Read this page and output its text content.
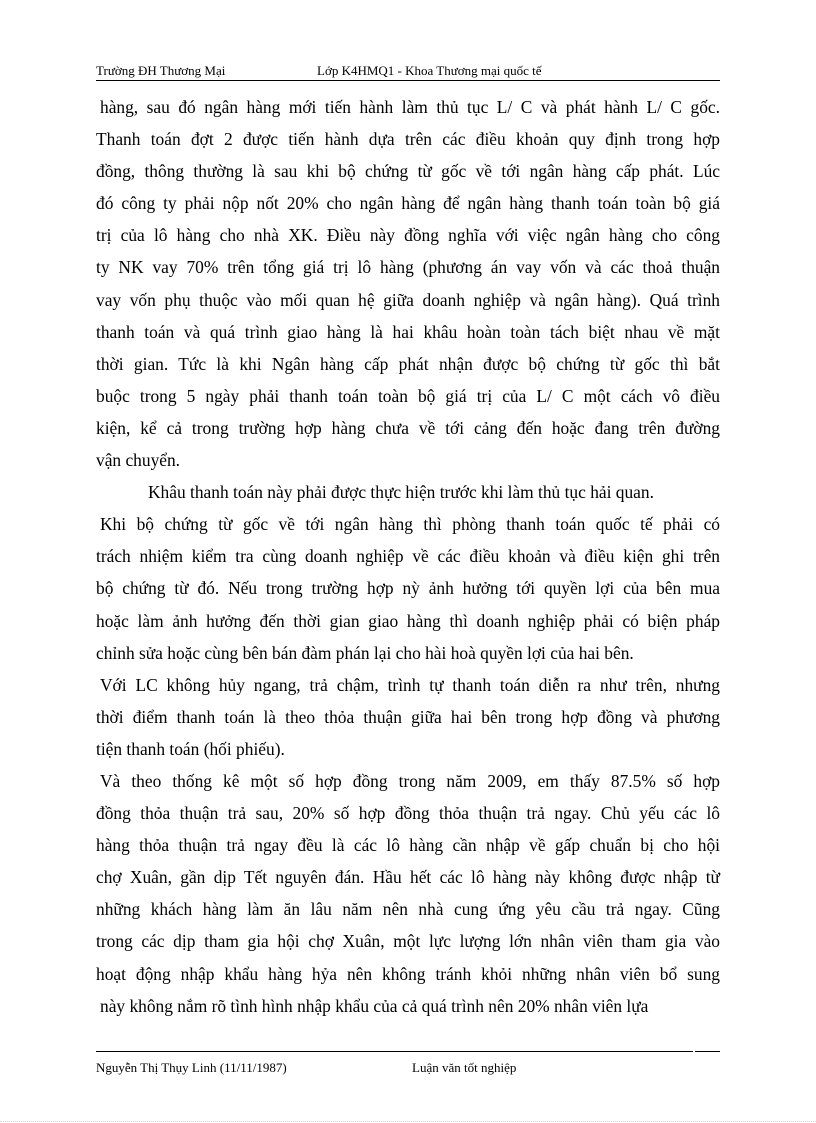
Trường ĐH Thương Mại	Lớp K4HMQ1 - Khoa Thương mại quốc tế
hàng, sau đó ngân hàng mới tiến hành làm thủ tục L/ C và phát hành L/ C gốc.
Thanh toán đợt 2 được tiến hành dựa trên các điều khoản quy định trong hợp
đồng, thông thường là sau khi bộ chứng từ gốc về tới ngân hàng cấp phát. Lúc
đó công ty phải nộp nốt 20% cho ngân hàng để ngân hàng thanh toán toàn bộ giá
trị của lô hàng cho nhà XK. Điều này đồng nghĩa với việc ngân hàng cho công
ty NK vay 70% trên tổng giá trị lô hàng (phương án vay vốn và các thoả thuận
vay vốn phụ thuộc vào mối quan hệ giữa doanh nghiệp và ngân hàng). Quá trình
thanh toán và quá trình giao hàng là hai khâu hoàn toàn tách biệt nhau về mặt
thời gian. Tức là khi Ngân hàng cấp phát nhận được bộ chứng từ gốc thì bắt
buộc trong 5 ngày phải thanh toán toàn bộ giá trị của L/ C một cách vô điều
kiện, kể cả trong trường hợp hàng chưa về tới cảng đến hoặc đang trên đường
vận chuyển.
Khâu thanh toán này phải được thực hiện trước khi làm thủ tục hải quan.
Khi bộ chứng từ gốc về tới ngân hàng thì phòng thanh toán quốc tế phải có
trách nhiệm kiểm tra cùng doanh nghiệp về các điều khoản và điều kiện ghi trên
bộ chứng từ đó. Nếu trong trường hợp nỳ ảnh hưởng tới quyền lợi của bên mua
hoặc làm ảnh hưởng đến thời gian giao hàng thì doanh nghiệp phải có biện pháp
chỉnh sửa hoặc cùng bên bán đàm phán lại cho hài hoà quyền lợi của hai bên.
Với LC không hủy ngang, trả chậm, trình tự thanh toán diễn ra như trên, nhưng
thời điểm thanh toán là theo thỏa thuận giữa hai bên trong hợp đồng và phương
tiện thanh toán (hối phiếu).
Và theo thống kê một số hợp đồng trong năm 2009, em thấy 87.5% số hợp
đồng thỏa thuận trả sau, 20% số hợp đồng thỏa thuận trả ngay. Chủ yếu các lô
hàng thỏa thuận trả ngay đều là các lô hàng cần nhập về gấp chuẩn bị cho hội
chợ Xuân, gần dịp Tết nguyên đán. Hầu hết các lô hàng này không được nhập từ
những khách hàng làm ăn lâu năm nên nhà cung ứng yêu cầu trả ngay. Cũng
trong các dịp tham gia hội chợ Xuân, một lực lượng lớn nhân viên tham gia vào
hoạt động nhập khẩu hàng hỷa nên không tránh khỏi những nhân viên bổ sung
này không nắm rõ tình hình nhập khẩu của cả quá trình nên 20% nhân viên lựa
Nguyễn Thị Thụy Linh (11/11/1987)	Luận văn tốt nghiệp
